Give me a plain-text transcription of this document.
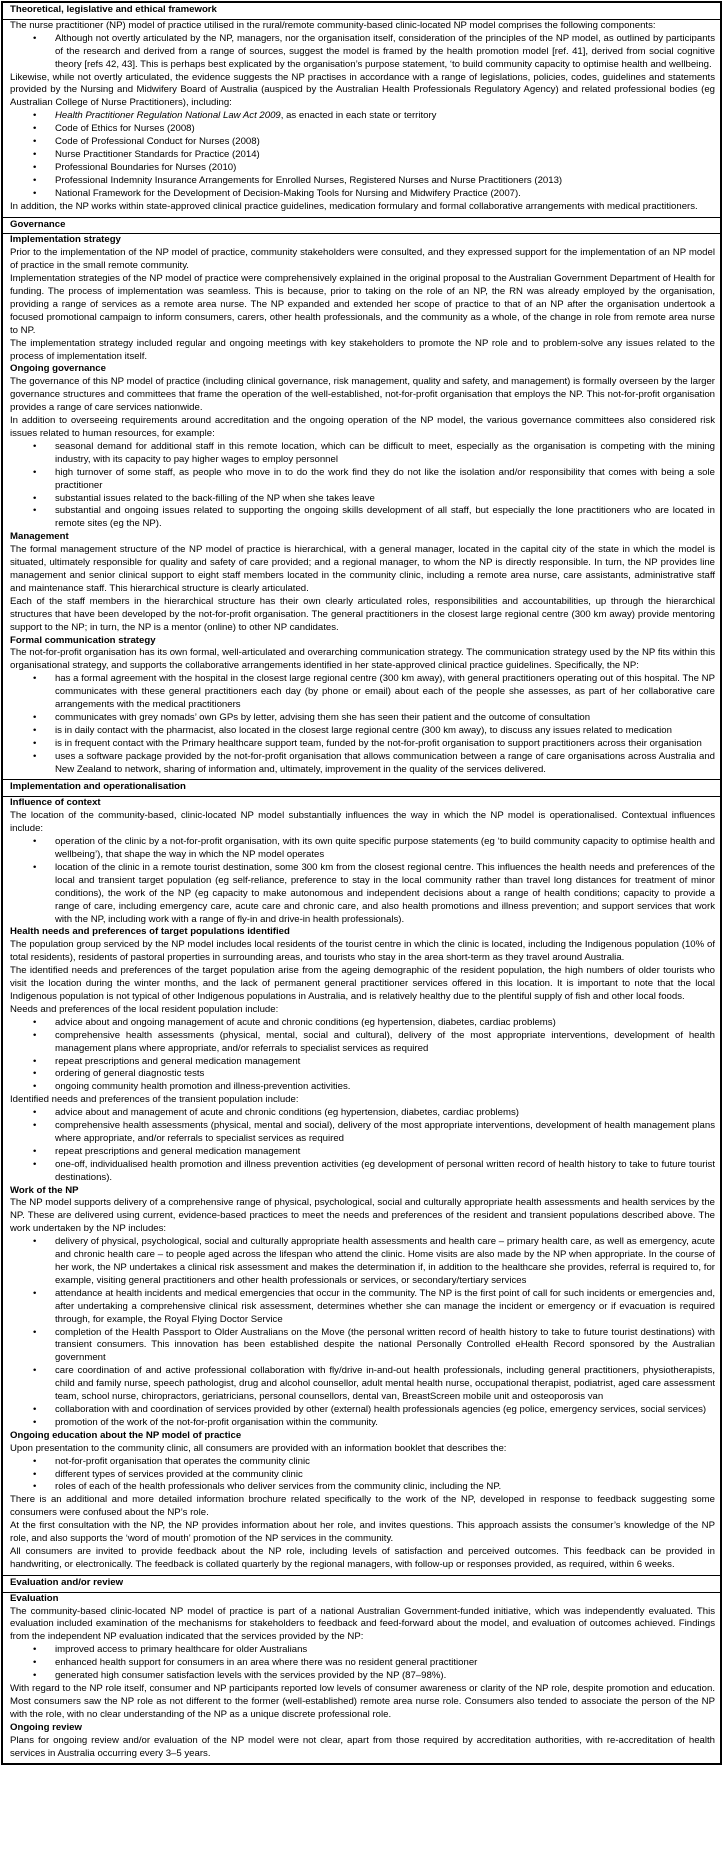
Theoretical, legislative and ethical framework

The nurse practitioner (NP) model of practice utilised in the rural/remote community-based clinic-located NP model comprises the following components:

• Although not overtly articulated by the NP, managers, nor the organisation itself, consideration of the principles of the NP model, as outlined by participants of the research and derived from a range of sources, suggest the model is framed by the health promotion model [ref. 41], derived from social cognitive theory [refs 42, 43]. This is perhaps best explicated by the organisation’s purpose statement, ‘to build community capacity to optimise health and wellbeing.

Likewise, while not overtly articulated, the evidence suggests the NP practises in accordance with a range of legislations, policies, codes, guidelines and statements provided by the Nursing and Midwifery Board of Australia (auspiced by the Australian Health Professionals Regulatory Agency) and related professional bodies (eg Australian College of Nurse Practitioners), including:

• Health Practitioner Regulation National Law Act 2009, as enacted in each state or territory
• Code of Ethics for Nurses (2008)
• Code of Professional Conduct for Nurses (2008)
• Nurse Practitioner Standards for Practice (2014)
• Professional Boundaries for Nurses (2010)
• Professional Indemnity Insurance Arrangements for Enrolled Nurses, Registered Nurses and Nurse Practitioners (2013)
• National Framework for the Development of Decision-Making Tools for Nursing and Midwifery Practice (2007).

In addition, the NP works within state-approved clinical practice guidelines, medication formulary and formal collaborative arrangements with medical practitioners.

Governance

Implementation strategy

Prior to the implementation of the NP model of practice, community stakeholders were consulted, and they expressed support for the implementation of an NP model of practice in the small remote community.

Implementation strategies of the NP model of practice were comprehensively explained in the original proposal to the Australian Government Department of Health for funding. The process of implementation was seamless. This is because, prior to taking on the role of an NP, the RN was already employed by the organisation, providing a range of services as a remote area nurse. The NP expanded and extended her scope of practice to that of an NP after the organisation undertook a focused promotional campaign to inform consumers, carers, other health professionals, and the community as a whole, of the change in role from remote area nurse to NP.

The implementation strategy included regular and ongoing meetings with key stakeholders to promote the NP role and to problem-solve any issues related to the process of implementation itself.

Ongoing governance

The governance of this NP model of practice (including clinical governance, risk management, quality and safety, and management) is formally overseen by the larger governance structures and committees that frame the operation of the well-established, not-for-profit organisation that employs the NP. This not-for-profit organisation provides a range of care services nationwide.

In addition to overseeing requirements around accreditation and the ongoing operation of the NP model, the various governance committees also considered risk issues related to human resources, for example:

• seasonal demand for additional staff in this remote location, which can be difficult to meet, especially as the organisation is competing with the mining industry, with its capacity to pay higher wages to employ personnel
• high turnover of some staff, as people who move in to do the work find they do not like the isolation and/or responsibility that comes with being a sole practitioner
• substantial issues related to the back-filling of the NP when she takes leave
• substantial and ongoing issues related to supporting the ongoing skills development of all staff, but especially the lone practitioners who are located in remote sites (eg the NP).

Management

The formal management structure of the NP model of practice is hierarchical, with a general manager, located in the capital city of the state in which the model is situated, ultimately responsible for quality and safety of care provided; and a regional manager, to whom the NP is directly responsible. In turn, the NP provides line management and senior clinical support to eight staff members located in the community clinic, including a remote area nurse, care assistants, administrative staff and maintenance staff. This hierarchical structure is clearly articulated.

Each of the staff members in the hierarchical structure has their own clearly articulated roles, responsibilities and accountabilities, up through the hierarchical structures that have been developed by the not-for-profit organisation. The general practitioners in the closest large regional centre (300 km away) provide mentoring support to the NP; in turn, the NP is a mentor (online) to other NP candidates.

Formal communication strategy

The not-for-profit organisation has its own formal, well-articulated and overarching communication strategy. The communication strategy used by the NP fits within this organisational strategy, and supports the collaborative arrangements identified in her state-approved clinical practice guidelines. Specifically, the NP:

• has a formal agreement with the hospital in the closest large regional centre (300 km away), with general practitioners operating out of this hospital. The NP communicates with these general practitioners each day (by phone or email) about each of the people she assesses, as part of her collaborative care arrangements with the medical practitioners
• communicates with grey nomads’ own GPs by letter, advising them she has seen their patient and the outcome of consultation
• is in daily contact with the pharmacist, also located in the closest large regional centre (300 km away), to discuss any issues related to medication
• is in frequent contact with the Primary healthcare support team, funded by the not-for-profit organisation to support practitioners across their organisation
• uses a software package provided by the not-for-profit organisation that allows communication between a range of care organisations across Australia and New Zealand to network, sharing of information and, ultimately, improvement in the quality of the services delivered.
Implementation and operationalisation

Influence of context

The location of the community-based, clinic-located NP model substantially influences the way in which the NP model is operationalised. Contextual influences include:

• operation of the clinic by a not-for-profit organisation, with its own quite specific purpose statements (eg ‘to build community capacity to optimise health and wellbeing’), that shape the way in which the NP model operates
• location of the clinic in a remote tourist destination, some 300 km from the closest regional centre. This influences the health needs and preferences of the local and transient target population (eg self-reliance, preference to stay in the local community rather than travel long distances for treatment of minor conditions), the work of the NP (eg capacity to make autonomous and independent decisions about a range of health conditions; capacity to provide a range of care, including emergency care, acute care and chronic care, and also health promotions and illness prevention; and support services that work with the NP, including work with a range of fly-in and drive-in health professionals).

Health needs and preferences of target populations identified

The population group serviced by the NP model includes local residents of the tourist centre in which the clinic is located, including the Indigenous population (10% of total residents), residents of pastoral properties in surrounding areas, and tourists who stay in the area short-term as they travel around Australia.

The identified needs and preferences of the target population arise from the ageing demographic of the resident population, the high numbers of older tourists who visit the location during the winter months, and the lack of permanent general practitioner services offered in this location. It is important to note that the local Indigenous population is not typical of other Indigenous populations in Australia, and is relatively healthy due to the plentiful supply of fish and other local foods.

Needs and preferences of the local resident population include:

• advice about and ongoing management of acute and chronic conditions (eg hypertension, diabetes, cardiac problems)
• comprehensive health assessments (physical, mental, social and cultural), delivery of the most appropriate interventions, development of health management plans where appropriate, and/or referrals to specialist services as required
• repeat prescriptions and general medication management
• ordering of general diagnostic tests
• ongoing community health promotion and illness-prevention activities.

Identified needs and preferences of the transient population include:

• advice about and management of acute and chronic conditions (eg hypertension, diabetes, cardiac problems)
• comprehensive health assessments (physical, mental and social), delivery of the most appropriate interventions, development of health management plans where appropriate, and/or referrals to specialist services as required
• repeat prescriptions and general medication management
• one-off, individualised health promotion and illness prevention activities (eg development of personal written record of health history to take to future tourist destinations).

Work of the NP

The NP model supports delivery of a comprehensive range of physical, psychological, social and culturally appropriate health assessments and health services by the NP. These are delivered using current, evidence-based practices to meet the needs and preferences of the resident and transient populations described above. The work undertaken by the NP includes:

• delivery of physical, psychological, social and culturally appropriate health assessments and health care – primary health care, as well as emergency, acute and chronic health care – to people aged across the lifespan who attend the clinic. Home visits are also made by the NP when appropriate. In the course of her work, the NP undertakes a clinical risk assessment and makes the determination if, in addition to the healthcare she provides, referral is required to, for example, visiting general practitioners and other health professionals or services, or secondary/tertiary services
• attendance at health incidents and medical emergencies that occur in the community. The NP is the first point of call for such incidents or emergencies and, after undertaking a comprehensive clinical risk assessment, determines whether she can manage the incident or emergency or if evacuation is required through, for example, the Royal Flying Doctor Service
• completion of the Health Passport to Older Australians on the Move (the personal written record of health history to take to future tourist destinations) with transient consumers. This innovation has been established despite the national Personally Controlled eHealth Record sponsored by the Australian government
• care coordination of and active professional collaboration with fly/drive in-and-out health professionals, including general practitioners, physiotherapists, child and family nurse, speech pathologist, drug and alcohol counsellor, adult mental health nurse, occupational therapist, podiatrist, aged care assessment team, school nurse, chiropractors, geriatricians, personal counsellors, dental van, BreastScreen mobile unit and osteoporosis van
• collaboration with and coordination of services provided by other (external) health professionals agencies (eg police, emergency services, social services)
• promotion of the work of the not-for-profit organisation within the community.

Ongoing education about the NP model of practice

Upon presentation to the community clinic, all consumers are provided with an information booklet that describes the:

• not-for-profit organisation that operates the community clinic
• different types of services provided at the community clinic
• roles of each of the health professionals who deliver services from the community clinic, including the NP.

There is an additional and more detailed information brochure related specifically to the work of the NP, developed in response to feedback suggesting some consumers were confused about the NP’s role.

At the first consultation with the NP, the NP provides information about her role, and invites questions. This approach assists the consumer’s knowledge of the NP role, and also supports the ‘word of mouth’ promotion of the NP services in the community.

All consumers are invited to provide feedback about the NP role, including levels of satisfaction and perceived outcomes. This feedback can be provided in handwriting, or electronically. The feedback is collated quarterly by the regional managers, with follow-up or responses provided, as required, within 6 weeks.

Evaluation and/or review

Evaluation

The community-based clinic-located NP model of practice is part of a national Australian Government-funded initiative, which was independently evaluated. This evaluation included examination of the mechanisms for stakeholders to feedback and feed-forward about the model, and evaluation of outcomes achieved. Findings from the independent NP evaluation indicated that the services provided by the NP:

• improved access to primary healthcare for older Australians
• enhanced health support for consumers in an area where there was no resident general practitioner
• generated high consumer satisfaction levels with the services provided by the NP (87–98%).

With regard to the NP role itself, consumer and NP participants reported low levels of consumer awareness or clarity of the NP role, despite promotion and education. Most consumers saw the NP role as not different to the former (well-established) remote area nurse role. Consumers also tended to associate the person of the NP with the role, with no clear understanding of the NP as a unique discrete professional role.

Ongoing review

Plans for ongoing review and/or evaluation of the NP model were not clear, apart from those required by accreditation authorities, with re-accreditation of health services in Australia occurring every 3–5 years.
